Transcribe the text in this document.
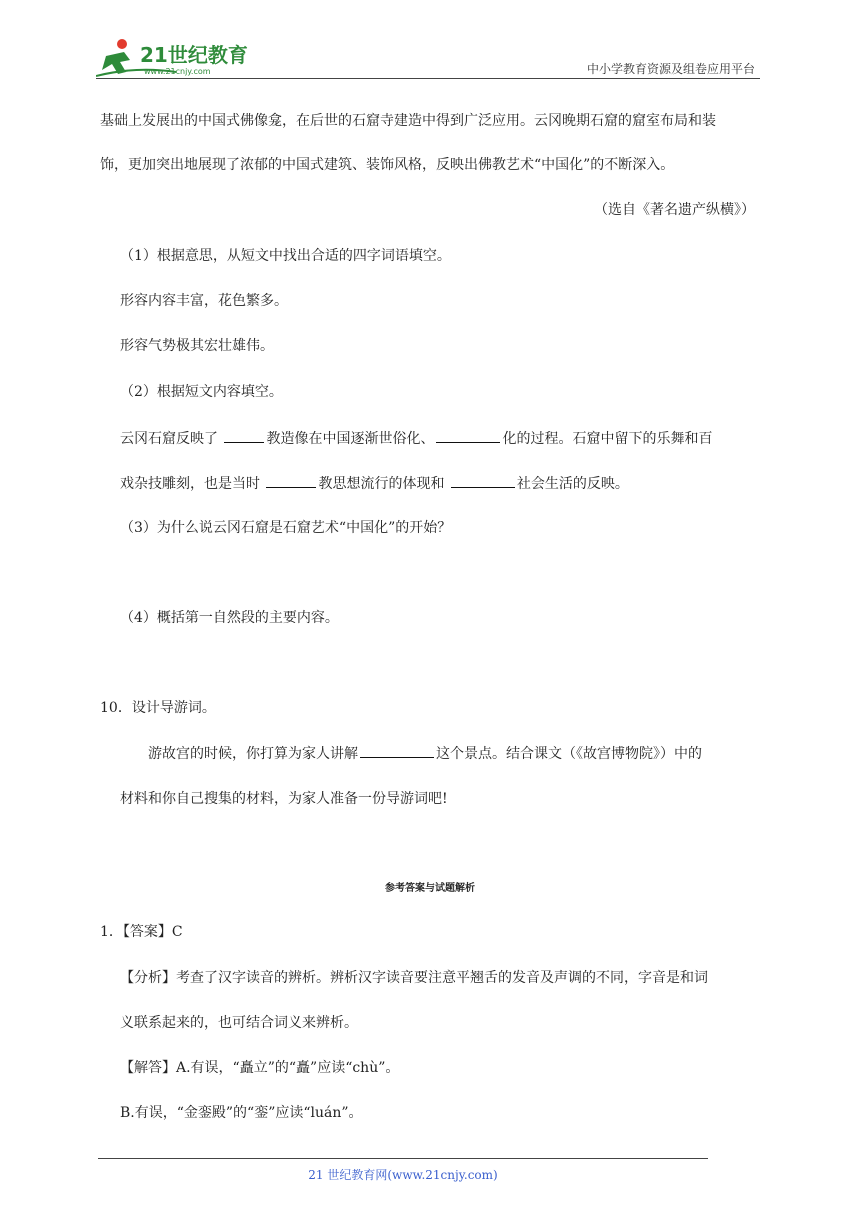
21世纪教育
www.21cnjy.com	中小学教育资源及组卷应用平台
基础上发展出的中国式佛像龛，在后世的石窟寺建造中得到广泛应用。云冈晚期石窟的窟室布局和装
饰，更加突出地展现了浓郁的中国式建筑、装饰风格，反映出佛教艺术“中国化”的不断深入。
（选自《著名遗产纵横》）
（1）根据意思，从短文中找出合适的四字词语填空。
形容内容丰富，花色繁多。
形容气势极其宏壮雄伟。
（2）根据短文内容填空。
云冈石窟反映了	教造像在中国逐渐世俗化、	化的过程。石窟中留下的乐舞和百
戏杂技雕刻，也是当时	教思想流行的体现和	社会生活的反映。
（3）为什么说云冈石窟是石窟艺术“中国化”的开始？
（4）概括第一自然段的主要内容。
10．设计导游词。
游故宫的时候，你打算为家人讲解	这个景点。结合课文（《故宫博物院》）中的
材料和你自己搜集的材料，为家人准备一份导游词吧!
参考答案与试题解析
1．【答案】C
【分析】考查了汉字读音的辨析。辨析汉字读音要注意平翘舌的发音及声调的不同，字音是和词
义联系起来的，也可结合词义来辨析。
【解答】A.有误，“矗立”的“矗”应读“chù”。
B.有误，“金銮殿”的“銮”应读“luán”。
21 世纪教育网(www.21cnjy.com)
